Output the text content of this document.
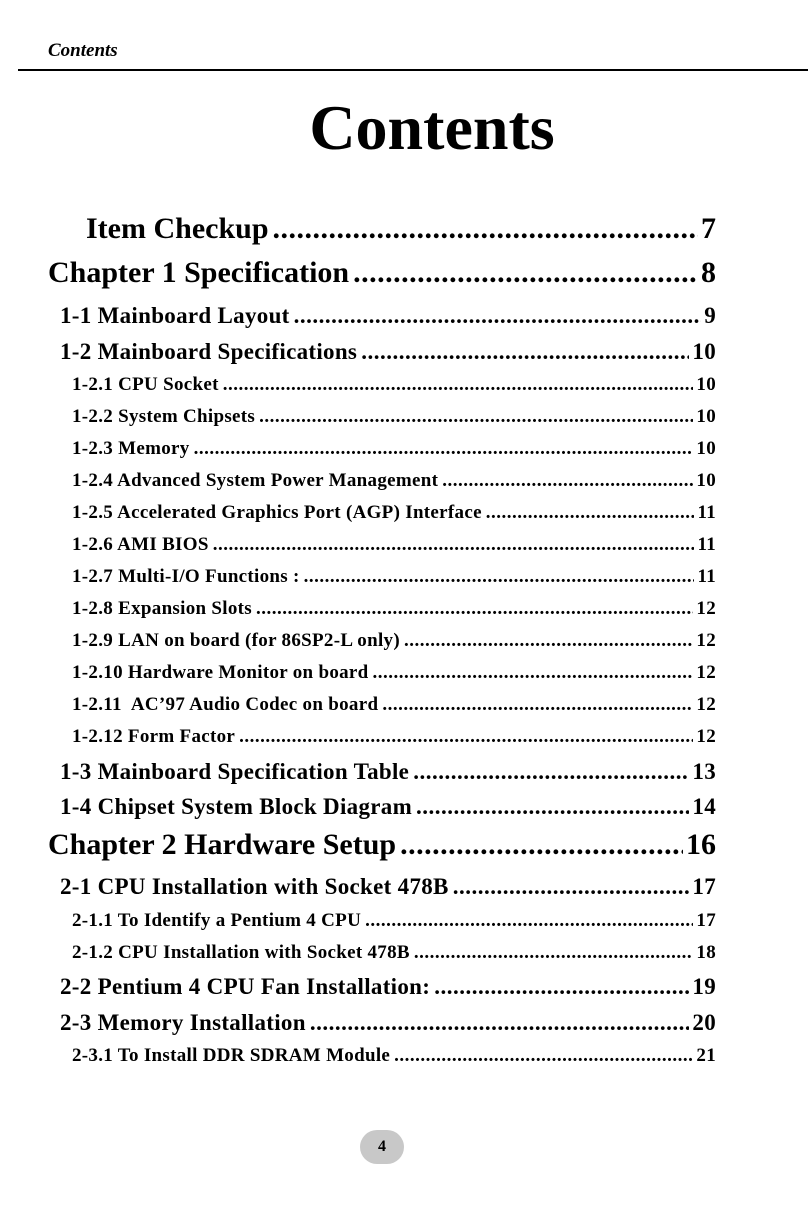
Contents
Contents
Item Checkup .....	7
Chapter 1 Specification .....	8
1-1 Mainboard Layout .....	9
1-2 Mainboard Specifications .....	10
1-2.1 CPU Socket .....	10
1-2.2 System Chipsets .....	10
1-2.3 Memory .....	10
1-2.4 Advanced System Power Management .....	10
1-2.5 Accelerated Graphics Port (AGP) Interface .....	11
1-2.6 AMI BIOS .....	11
1-2.7 Multi-I/O Functions : .....	11
1-2.8 Expansion Slots .....	12
1-2.9 LAN on board (for 86SP2-L only) .....	12
1-2.10 Hardware Monitor on board .....	12
1-2.11  AC’97 Audio Codec on board .....	12
1-2.12 Form Factor .....	12
1-3 Mainboard Specification Table .....	13
1-4 Chipset System Block Diagram .....	14
Chapter 2 Hardware Setup .....	16
2-1 CPU Installation with Socket 478B .....	17
2-1.1 To Identify a Pentium 4 CPU .....	17
2-1.2 CPU Installation with Socket 478B .....	18
2-2 Pentium 4 CPU Fan Installation: .....	19
2-3 Memory Installation .....	20
2-3.1 To Install DDR SDRAM Module .....	21
4
